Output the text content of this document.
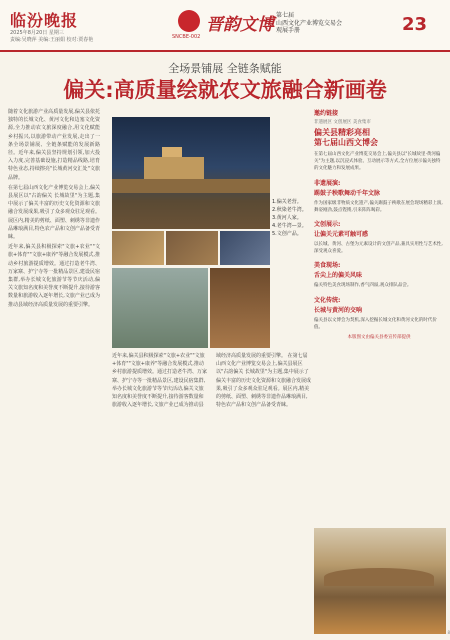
临汾晚报
2025年8月20日 星期三
责编:吴晓萍 美编:王丽娟 校对:贾春艳	SNCBE-002
晋韵文博 第七届
山西文化产业博览交易会
观展手册	23
全场景铺展 全链条赋能
偏关:高质量绘就农文旅融合新画卷

随着文化旅游产业高质量发展,偏关县依托独特的长城文化、黄河文化和边塞文化资源,全力推动农文旅深度融合,用文化赋能乡村振兴,以旅游带动产业发展,走出了一条全场景铺展、全链条赋能的发展新路径。近年来,偏关县坚持规划引领,加大投入力度,完善基础设施,打造精品线路,培育特色业态,持续擦亮"长城黄河交汇处"文旅品牌。

在第七届山西文化产业博览交易会上,偏关县展区以"古韵偏关 长城故里"为主题,集中展示了偏关丰富的历史文化资源和文旅融合发展成果,吸引了众多观众驻足观看。展区内,精美的剪纸、面塑、刺绣等非遗作品琳琅满目,特色农产品和文创产品备受青睐。

近年来,偏关县积极探索"文旅+农业""文旅+体育""文旅+康养"等融合发展模式,推动乡村旅游提质增效。通过打造老牛湾、万家寨、护宁寺等一批精品景区,建设民宿集群,举办长城文化旅游节等节庆活动,偏关文旅知名度和美誉度不断提升,接待游客数量和旅游收入逐年增长,文旅产业已成为推动县域经济高质量发展的重要引擎。

1.偏关老营。
2.秋染老牛湾。
3.黄河人家。
4.老牛湾—景。
5.文创产品。
近年来,偏关县积极探索"文旅+农业""文旅+体育""文旅+康养"等融合发展模式,推动乡村旅游提质增效。通过打造老牛湾、万家寨、护宁寺等一批精品景区,建设民宿集群,举办长城文化旅游节等节庆活动,偏关文旅知名度和美誉度不断提升,接待游客数量和旅游收入逐年增长,文旅产业已成为推动县域经济高质量发展的重要引擎。 在第七届山西文化产业博览交易会上,偏关县展区以"古韵偏关 长城故里"为主题,集中展示了偏关丰富的历史文化资源和文旅融合发展成果,吸引了众多观众驻足观看。展区内,精美的剪纸、面塑、刺绣等非遗作品琳琅满目,特色农产品和文创产品备受青睐。
邀约链接
非遗展区 文创展区 美食集市
偏关县精彩亮相
第七届山西文博会
在第七届山西文化产业博览交易会上,偏关县以"长城故里·黄河偏关"为主题,以沉浸式体验、互动展示等方式,全方位展示偏关独特的文化魅力和发展成果。
非遗展演:
踢鼓子秧歌舞动千年文脉
作为国家级非物质文化遗产,偏关踢鼓子秧歌在展会现场精彩上演,舞姿刚劲,鼓点铿锵,引来阵阵喝彩。
文创展示:
让偏关元素可触可感
以长城、黄河、古堡为元素设计的文创产品,兼具实用性与艺术性,深受观众喜爱。
美食现场:
舌尖上的偏关风味
偏关特色美食现场制作,香气四溢,观众排队品尝。
文化传统:
长城与黄河的交响
偏关县以文博会为契机,深入挖掘长城文化和黄河文化的时代价值。
本版图文由偏关县委宣传部提供
8
